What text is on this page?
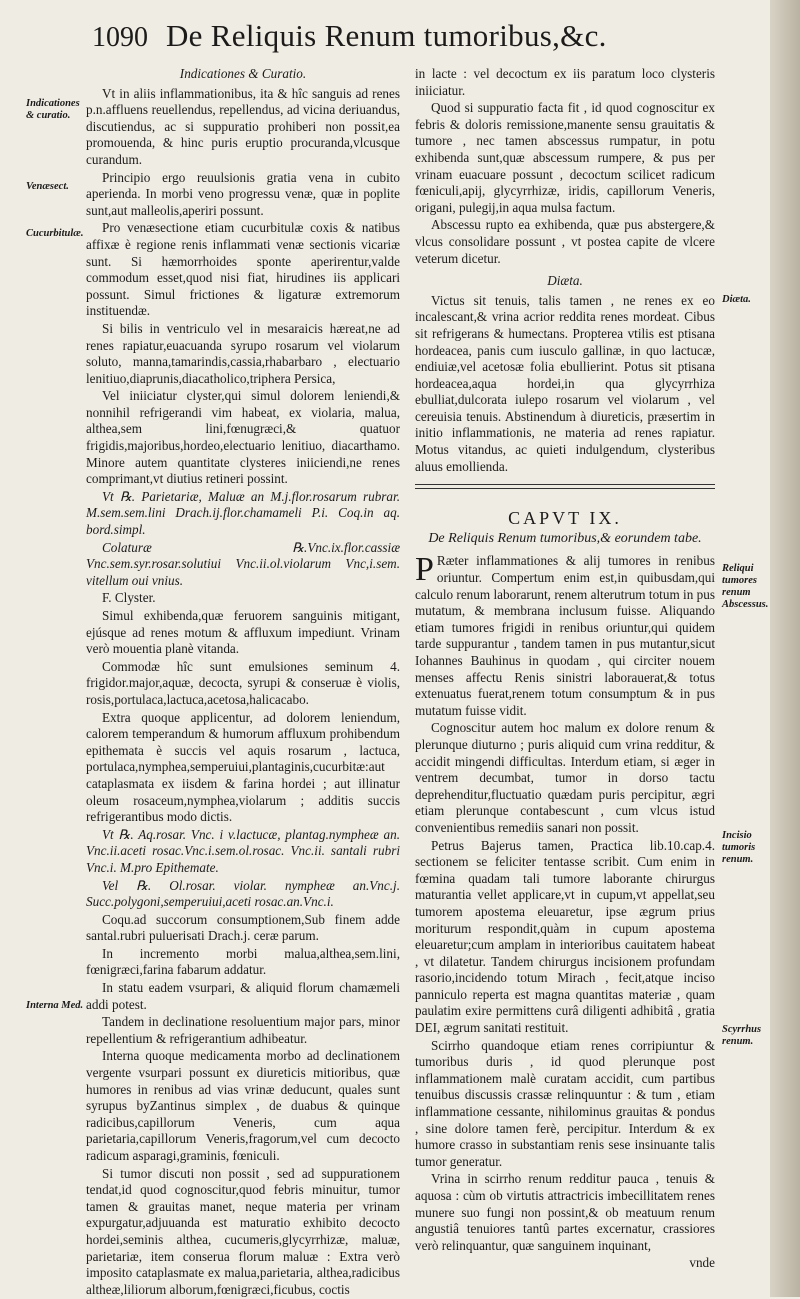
1090 De Reliquis Renum tumoribus,&c.
Indicationes & curatio.
Venæsect.
Cucurbitulæ.
Interna Med.
Diæta.
Reliqui tumores renum Abscessus.
Incisio tumoris renum.
Scyrrhus renum.
Indicationes & Curatio.

Vt in aliis inflammationibus, ita & hîc sanguis ad renes p.n.affluens reuellendus, repellendus, ad vicina deriuandus, discutiendus, ac si suppuratio prohiberi non possit,ea promouenda, & hinc puris eruptio procuranda,vlcusque curandum.

Principio ergo reuulsionis gratia vena in cubito aperienda. In morbi veno progressu venæ, quæ in poplite sunt,aut malleolis,aperiri possunt.

Pro venæsectione etiam cucurbitulæ coxis & natibus affixæ è regione renis inflammati venæ sectionis vicariæ sunt. Si hæmorrhoides sponte aperirentur,valde commodum esset,quod nisi fiat, hirudines iis applicari possunt. Simul frictiones & ligaturæ extremorum instituendæ.

Si bilis in ventriculo vel in mesaraicis hæreat,ne ad renes rapiatur,euacuanda syrupo rosarum vel violarum soluto, manna,tamarindis,cassia,rhabarbaro , electuario lenitiuo,diaprunis,diacatholico,triphera Persica,

Vel iniiciatur clyster,qui simul dolorem leniendi,& nonnihil refrigerandi vim habeat, ex violaria, malua, althea,sem lini,fœnugræci,& quatuor frigidis,majoribus,hordeo,electuario lenitiuo, diacarthamo. Minore autem quantitate clysteres iniiciendi,ne renes comprimant,vt diutius retineri possint.

Vt ℞. Parietariæ, Maluæ an M.j.flor.rosarum rubrar. M.sem.sem.lini Drach.ij.flor.chamameli P.i. Coq.in aq. bord.simpl.

Colaturæ ℞.Vnc.ix.flor.cassiæ Vnc.sem.syr.rosar.solutiui Vnc.ii.ol.violarum Vnc,i.sem. vitellum oui vnius.

F. Clyster.

Simul exhibenda,quæ feruorem sanguinis mitigant, ejúsque ad renes motum & affluxum impediunt. Vrinam verò mouentia planè vitanda.

Commodæ hîc sunt emulsiones seminum 4. frigidor.major,aquæ, decocta, syrupi & conseruæ è violis, rosis,portulaca,lactuca,acetosa,halicacabo.

Extra quoque applicentur, ad dolorem leniendum, calorem temperandum & humorum affluxum prohibendum epithemata è succis vel aquis rosarum , lactuca, portulaca,nymphea,semperuiui,plantaginis,cucurbitæ:aut cataplasmata ex iisdem & farina hordei ; aut illinatur oleum rosaceum,nymphea,violarum ; additis succis refrigerantibus modo dictis.

Vt ℞. Aq.rosar. Vnc. i v.lactucæ, plantag.nympheæ an. Vnc.ii.aceti rosac.Vnc.i.sem.ol.rosac. Vnc.ii. santali rubri Vnc.i. M.pro Epithemate.

Vel ℞. Ol.rosar. violar. nympheæ an.Vnc.j. Succ.polygoni,semperuiui,aceti rosac.an.Vnc.i.

Coqu.ad succorum consumptionem,Sub finem adde santal.rubri puluerisati Drach.j. ceræ parum.

In incremento morbi malua,althea,sem.lini, fœnigræci,farina fabarum addatur.

In statu eadem vsurpari, & aliquid florum chamæmeli addi potest.

Tandem in declinatione resoluentium major pars, minor repellentium & refrigerantium adhibeatur.

Interna quoque medicamenta morbo ad declinationem vergente vsurpari possunt ex diureticis mitioribus, quæ humores in renibus ad vias vrinæ deducunt, quales sunt syrupus byZantinus simplex , de duabus & quinque radicibus,capillorum Veneris, cum aqua parietaria,capillorum Veneris,fragorum,vel cum decocto radicum asparagi,graminis, fœniculi.

Si tumor discuti non possit , sed ad suppurationem tendat,id quod cognoscitur,quod febris minuitur, tumor tamen & grauitas manet, neque materia per vrinam expurgatur,adjuuanda est maturatio exhibito decocto hordei,seminis althea, cucumeris,glycyrrhizæ, maluæ, parietariæ, item conserua florum maluæ : Extra verò imposito cataplasmate ex malua,parietaria, althea,radicibus altheæ,liliorum alborum,fœnigræci,ficubus, coctis

in lacte : vel decoctum ex iis paratum loco clysteris iniiciatur.

Quod si suppuratio facta fit , id quod cognoscitur ex febris & doloris remissione,manente sensu grauitatis & tumore , nec tamen abscessus rumpatur, in potu exhibenda sunt,quæ abscessum rumpere, & pus per vrinam euacuare possunt , decoctum scilicet radicum fœniculi,apij, glycyrrhizæ, iridis, capillorum Veneris, origani, pulegij,in aqua mulsa factum.

Abscessu rupto ea exhibenda, quæ pus abstergere,& vlcus consolidare possunt , vt postea capite de vlcere veterum dicetur.

Diæta.

Victus sit tenuis, talis tamen , ne renes ex eo incalescant,& vrina acrior reddita renes mordeat. Cibus sit refrigerans & humectans. Propterea vtilis est ptisana hordeacea, panis cum iusculo gallinæ, in quo lactucæ, endiuiæ,vel acetosæ folia ebullierint. Potus sit ptisana hordeacea,aqua hordei,in qua glycyrrhiza ebulliat,dulcorata iulepo rosarum vel violarum , vel cereuisia tenuis. Abstinendum à diureticis, præsertim in initio inflammationis, ne materia ad renes rapiatur. Motus vitandus, ac quieti indulgendum, clysteribus aluus emollienda.

CAPVT IX.
De Reliquis Renum tumoribus,& eorundem tabe.

P Ræter inflammationes & alij tumores in renibus oriuntur. Compertum enim est,in quibusdam,qui calculo renum laborarunt, renem alterutrum totum in pus mutatum, & membrana inclusum fuisse. Aliquando etiam tumores frigidi in renibus oriuntur,qui quidem tarde suppurantur , tandem tamen in pus mutantur,sicut Iohannes Bauhinus in quodam , qui circiter nouem menses affectu Renis sinistri laborauerat,& totus extenuatus fuerat,renem totum consumptum & in pus mutatum fuisse vidit.

Cognoscitur autem hoc malum ex dolore renum & plerunque diuturno ; puris aliquid cum vrina redditur, & accidit mingendi difficultas. Interdum etiam, si æger in ventrem decumbat, tumor in dorso tactu deprehenditur,fluctuatio quædam puris percipitur, ægri etiam plerunque contabescunt , cum vlcus istud convenientibus remediis sanari non possit.

Petrus Bajerus tamen, Practica lib.10.cap.4. sectionem se feliciter tentasse scribit. Cum enim in fœmina quadam tali tumore laborante chirurgus maturantia vellet applicare,vt in cupum,vt appellat,seu tumorem apostema eleuaretur, ipse ægrum prius moriturum respondit,quàm in cupum apostema eleuaretur;cum amplam in interioribus cauitatem habeat , vt dilatetur. Tandem chirurgus incisionem profundam rasorio,incidendo totum Mirach , fecit,atque inciso panniculo reperta est magna quantitas materiæ , quam paulatim exire permittens curâ diligenti adhibitâ , gratia DEI, ægrum sanitati restituit.

Scirrho quandoque etiam renes corripiuntur & tumoribus duris , id quod plerunque post inflammationem malè curatam accidit, cum partibus tenuibus discussis crassæ relinquuntur : & tum , etiam inflammatione cessante, nihilominus grauitas & pondus , sine dolore tamen ferè, percipitur. Interdum & ex humore crasso in substantiam renis sese insinuante talis tumor generatur.

Vrina in scirrho renum redditur pauca , tenuis & aquosa : cùm ob virtutis attractricis imbecillitatem renes munere suo fungi non possint,& ob meatuum renum angustiâ tenuiores tantû partes excernatur, crassiores verò relinquantur, quæ sanguinem inquinant,

vnde
